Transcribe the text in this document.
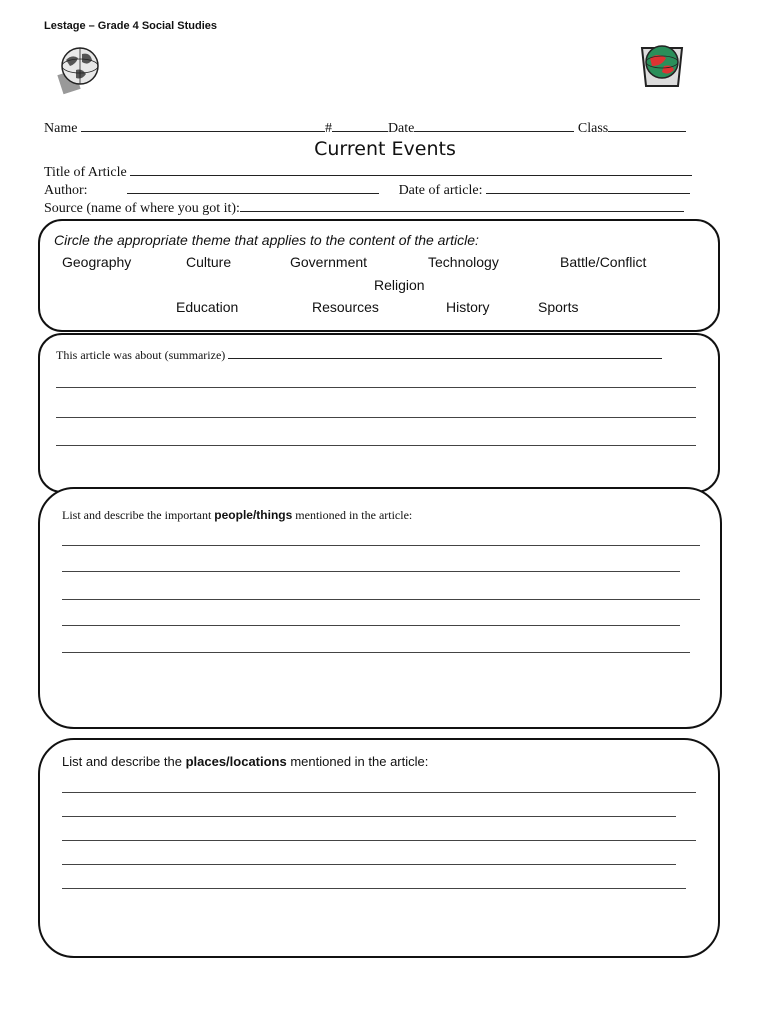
Lestage – Grade 4 Social Studies
Name	#	Date	Class
Current Events
Title of Article
Author:	Date of article:
Source (name of where you got it):
Circle the appropriate theme that applies to the content of the article:
Geography	Culture	Government	Technology	Battle/Conflict
Religion
Education	Resources	History	Sports
This article was about (summarize)
List and describe the important people/things mentioned in the article:
List and describe the places/locations mentioned in the article:
